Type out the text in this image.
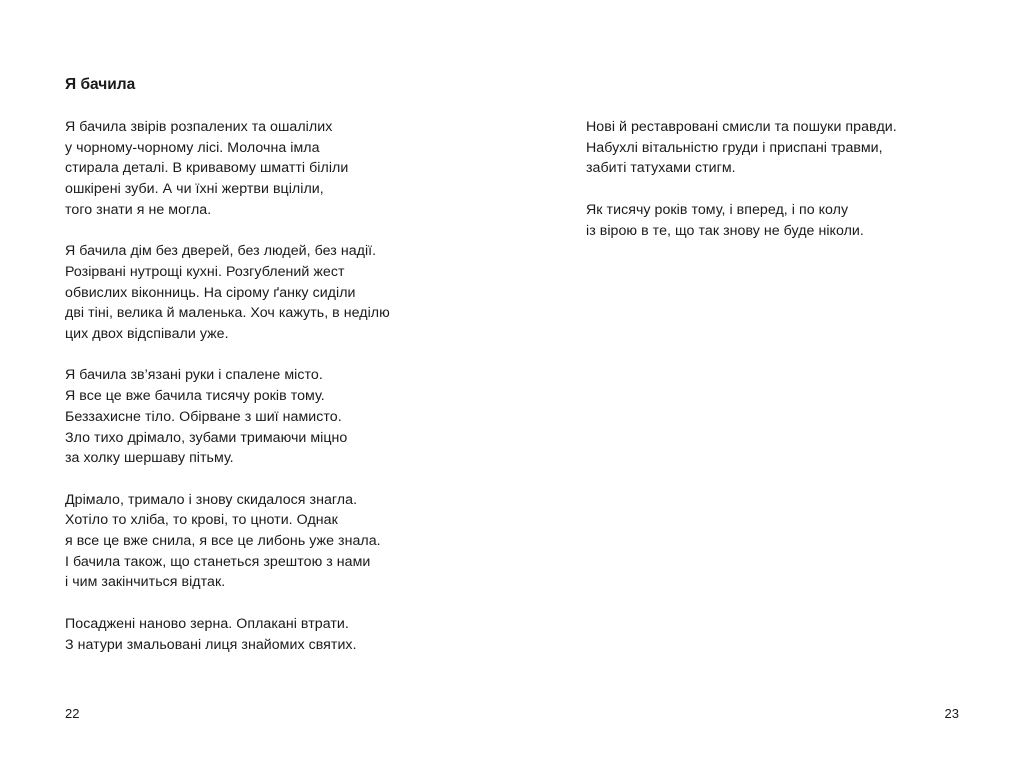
Я бачила
Я бачила звірів розпалених та ошалілих
у чорному-чорному лісі. Молочна імла
стирала деталі. В кривавому шматті біліли
ошкірені зуби. А чи їхні жертви вціліли,
того знати я не могла.
Я бачила дім без дверей, без людей, без надії.
Розірвані нутрощі кухні. Розгублений жест
обвислих віконниць. На сірому ґанку сиділи
дві тіні, велика й маленька. Хоч кажуть, в неділю
цих двох відспівали уже.
Я бачила зв’язані руки і спалене місто.
Я все це вже бачила тисячу років тому.
Беззахисне тіло. Обірване з шиї намисто.
Зло тихо дрімало, зубами тримаючи міцно
за холку шершаву пітьму.
Дрімало, тримало і знову скидалося знагла.
Хотіло то хліба, то крові, то цноти. Однак
я все це вже снила, я все це либонь уже знала.
І бачила також, що станеться зрештою з нами
і чим закінчиться відтак.
Посаджені наново зерна. Оплакані втрати.
З натури змальовані лиця знайомих святих.
22
Нові й реставровані смисли та пошуки правди.
Набухлі вітальністю груди і приспані травми,
забиті татухами стигм.
Як тисячу років тому, і вперед, і по колу
із вірою в те, що так знову не буде ніколи.
23
